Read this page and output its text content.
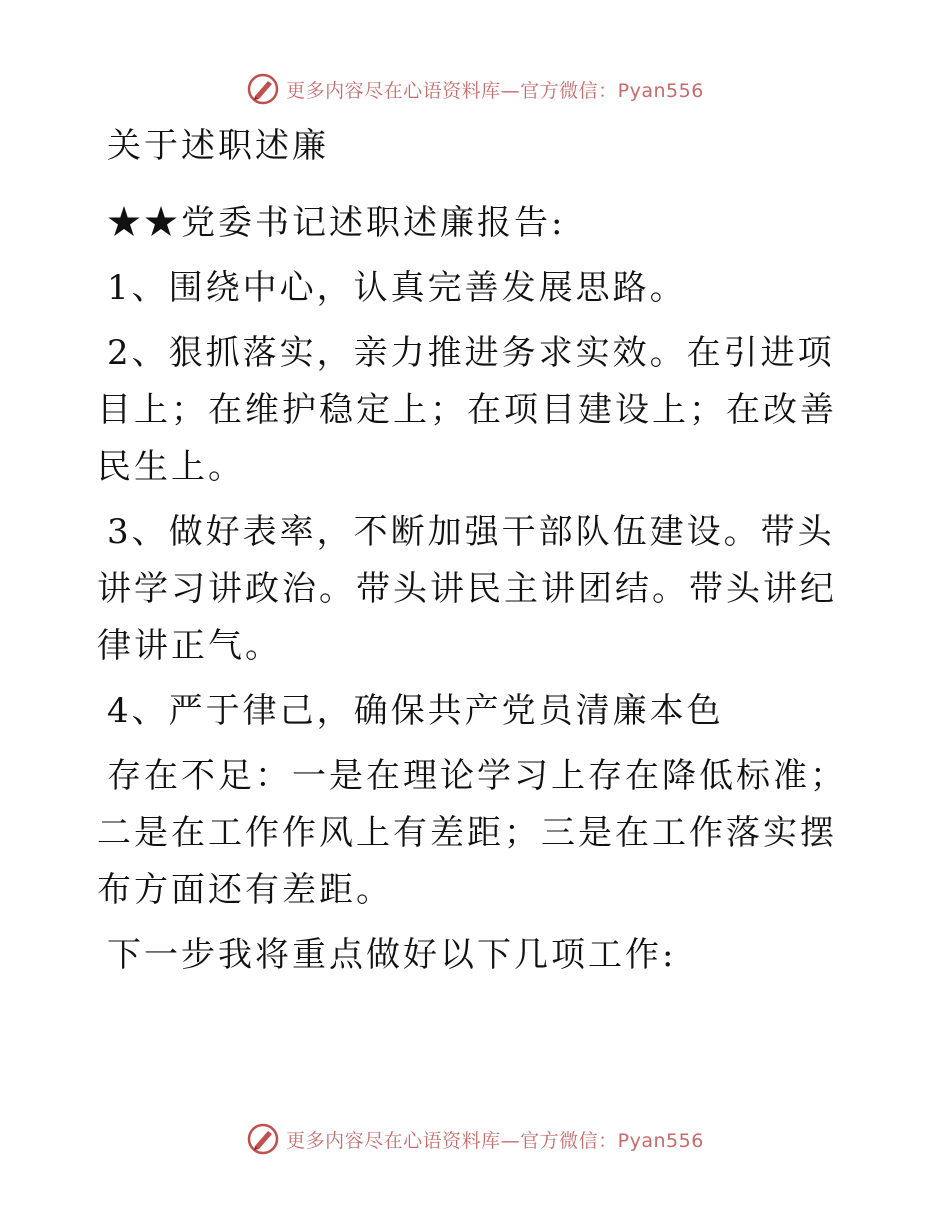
更多内容尽在心语资料库—官方微信：Pyan556

关于述职述廉

★★党委书记述职述廉报告:

1、围绕中心，认真完善发展思路。

2、狠抓落实，亲力推进务求实效。在引进项目上；在维护稳定上；在项目建设上；在改善民生上。

3、做好表率，不断加强干部队伍建设。带头讲学习讲政治。带头讲民主讲团结。带头讲纪律讲正气。

4、严于律己，确保共产党员清廉本色

存在不足：一是在理论学习上存在降低标准；二是在工作作风上有差距；三是在工作落实摆布方面还有差距。

下一步我将重点做好以下几项工作:

更多内容尽在心语资料库—官方微信：Pyan556
